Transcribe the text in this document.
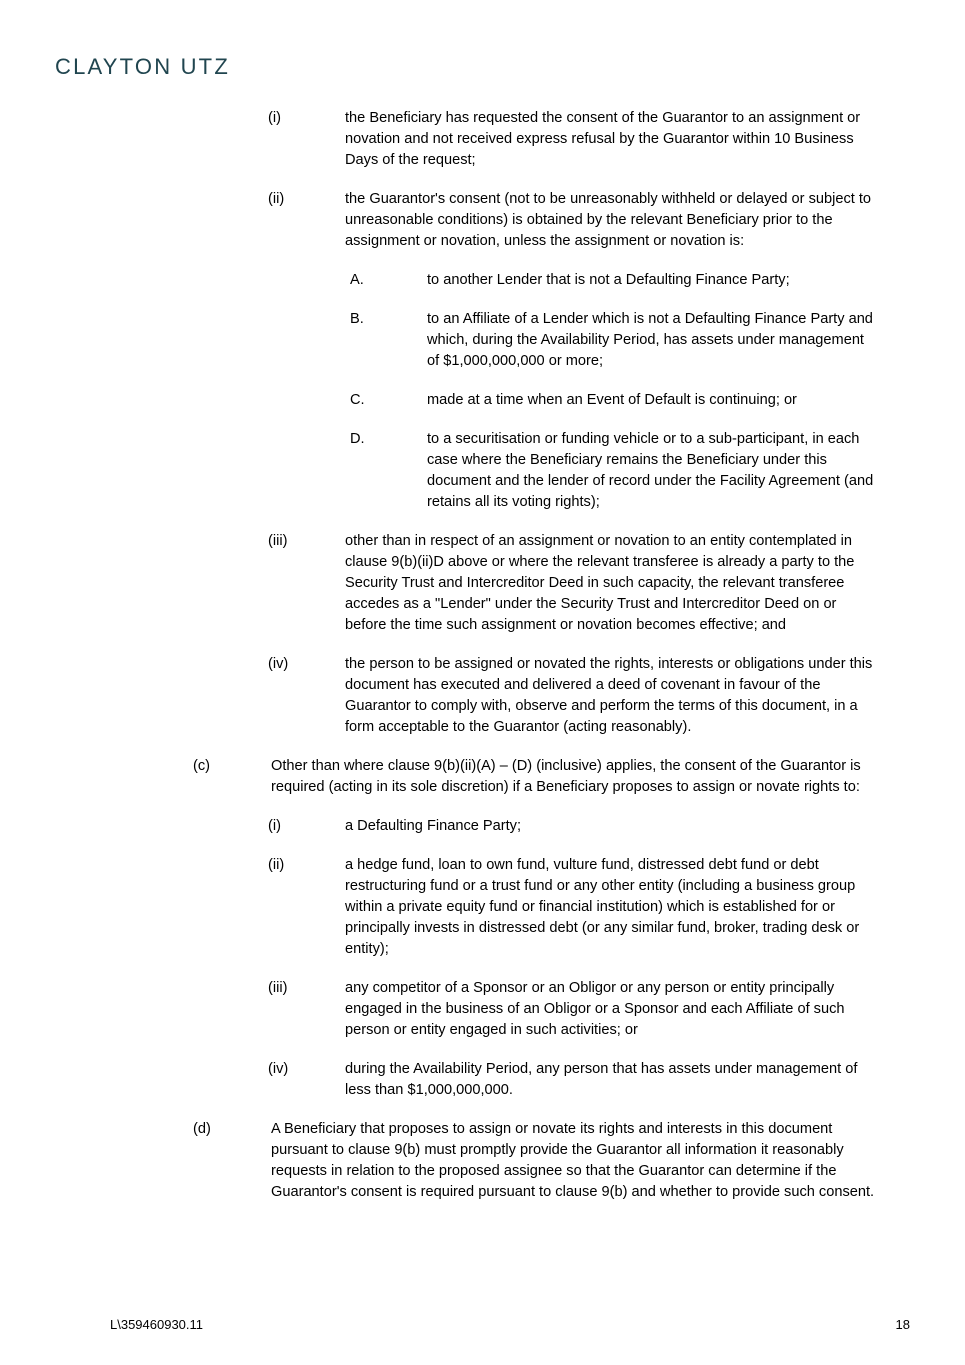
CLAYTON UTZ
(i)	the Beneficiary has requested the consent of the Guarantor to an assignment or novation and not received express refusal by the Guarantor within 10 Business Days of the request;
(ii)	the Guarantor's consent (not to be unreasonably withheld or delayed or subject to unreasonable conditions) is obtained by the relevant Beneficiary prior to the assignment or novation, unless the assignment or novation is:
A.	to another Lender that is not a Defaulting Finance Party;
B.	to an Affiliate of a Lender which is not a Defaulting Finance Party and which, during the Availability Period, has assets under management of $1,000,000,000 or more;
C.	made at a time when an Event of Default is continuing; or
D.	to a securitisation or funding vehicle or to a sub-participant, in each case where the Beneficiary remains the Beneficiary under this document and the lender of record under the Facility Agreement (and retains all its voting rights);
(iii)	other than in respect of an assignment or novation to an entity contemplated in clause 9(b)(ii)D above or where the relevant transferee is already a party to the Security Trust and Intercreditor Deed in such capacity, the relevant transferee accedes as a "Lender" under the Security Trust and Intercreditor Deed on or before the time such assignment or novation becomes effective; and
(iv)	the person to be assigned or novated the rights, interests or obligations under this document has executed and delivered a deed of covenant in favour of the Guarantor to comply with, observe and perform the terms of this document, in a form acceptable to the Guarantor (acting reasonably).
(c)	Other than where clause 9(b)(ii)(A) – (D) (inclusive) applies, the consent of the Guarantor is required (acting in its sole discretion) if a Beneficiary proposes to assign or novate rights to:
(i)	a Defaulting Finance Party;
(ii)	a hedge fund, loan to own fund, vulture fund, distressed debt fund or debt restructuring fund or a trust fund or any other entity (including a business group within a private equity fund or financial institution) which is established for or principally invests in distressed debt (or any similar fund, broker, trading desk or entity);
(iii)	any competitor of a Sponsor or an Obligor or any person or entity principally engaged in the business of an Obligor or a Sponsor and each Affiliate of such person or entity engaged in such activities; or
(iv)	during the Availability Period, any person that has assets under management of less than $1,000,000,000.
(d)	A Beneficiary that proposes to assign or novate its rights and interests in this document pursuant to clause 9(b) must promptly provide the Guarantor all information it reasonably requests in relation to the proposed assignee so that the Guarantor can determine if the Guarantor's consent is required pursuant to clause 9(b) and whether to provide such consent.
L\359460930.11	18
